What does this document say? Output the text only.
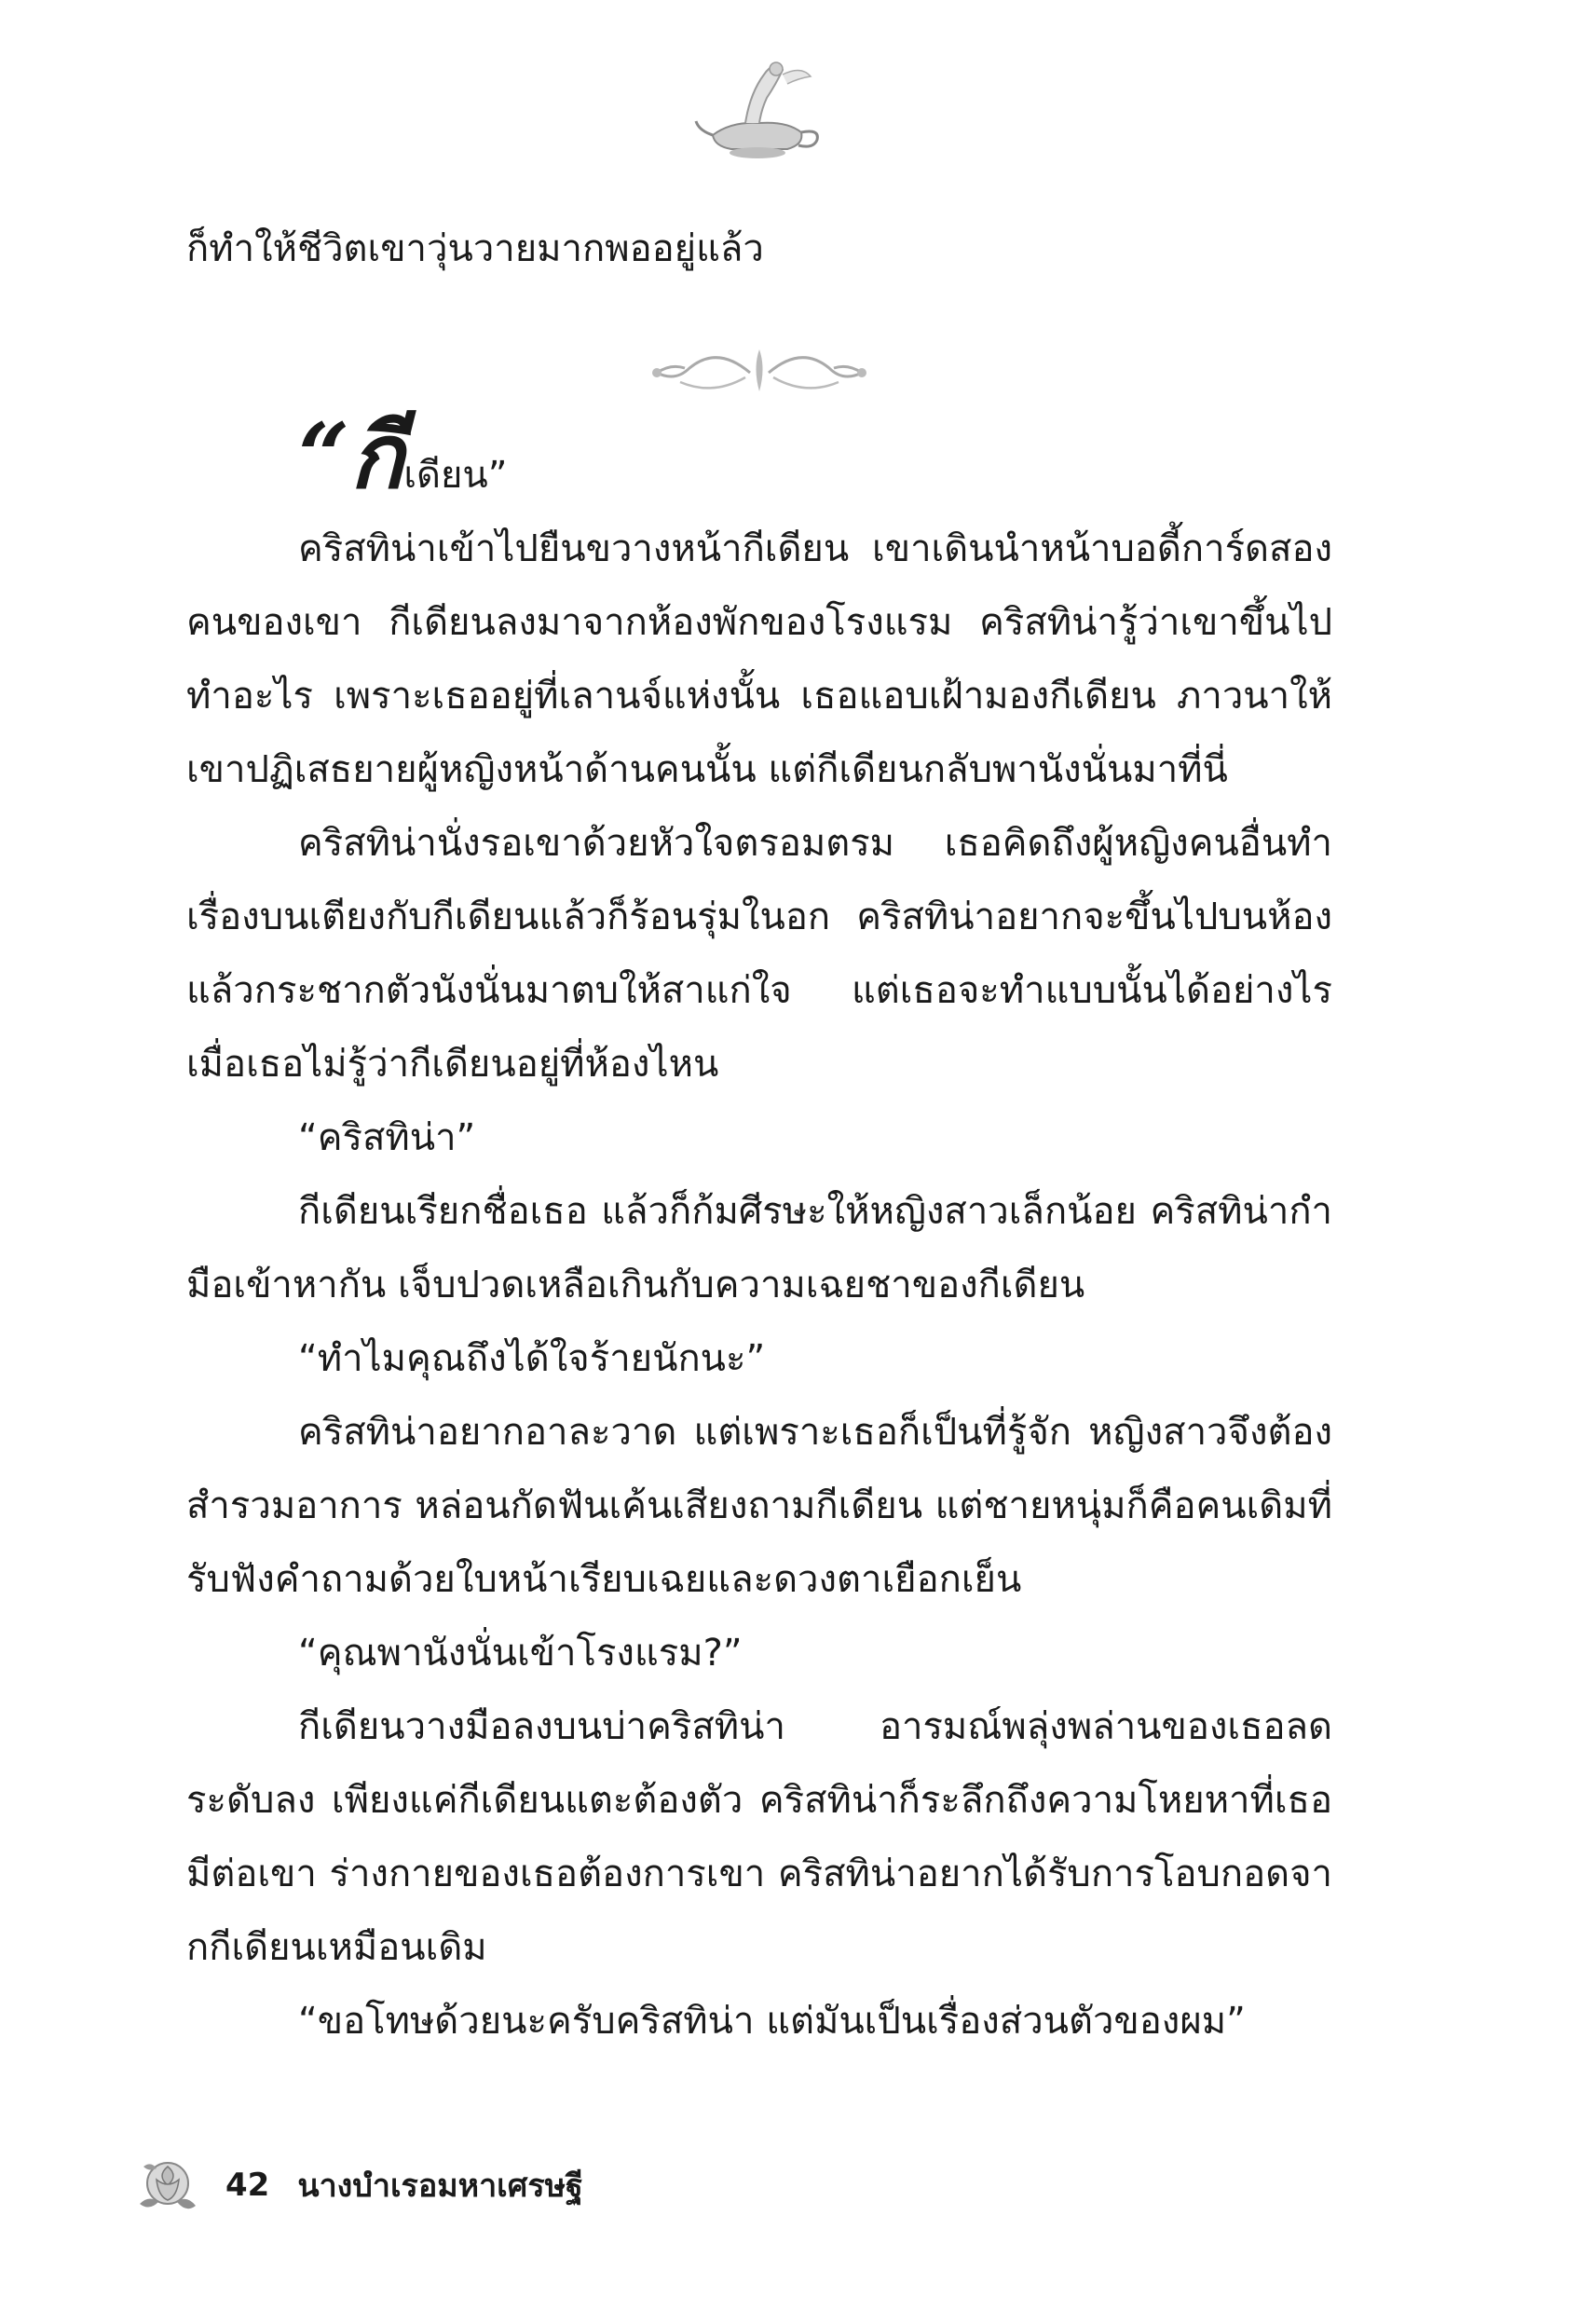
ก็ทำให้ชีวิตเขาวุ่นวายมากพออยู่แล้ว
“กีเดียน”

คริสทิน่าเข้าไปยืนขวางหน้ากีเดียน เขาเดินนำหน้าบอดี้การ์ดสองคนของเขา กีเดียนลงมาจากห้องพักของโรงแรม คริสทิน่ารู้ว่าเขาขึ้นไปทำอะไร เพราะเธออยู่ที่เลานจ์แห่งนั้น เธอแอบเฝ้ามองกีเดียน ภาวนาให้เขาปฏิเสธยายผู้หญิงหน้าด้านคนนั้น แต่กีเดียนกลับพานังนั่นมาที่นี่

คริสทิน่านั่งรอเขาด้วยหัวใจตรอมตรม เธอคิดถึงผู้หญิงคนอื่นทำเรื่องบนเตียงกับกีเดียนแล้วก็ร้อนรุ่มในอก คริสทิน่าอยากจะขึ้นไปบนห้อง แล้วกระชากตัวนังนั่นมาตบให้สาแก่ใจ แต่เธอจะทำแบบนั้นได้อย่างไร เมื่อเธอไม่รู้ว่ากีเดียนอยู่ที่ห้องไหน

“คริสทิน่า”

กีเดียนเรียกชื่อเธอ แล้วก็ก้มศีรษะให้หญิงสาวเล็กน้อย คริสทิน่ากำมือเข้าหากัน เจ็บปวดเหลือเกินกับความเฉยชาของกีเดียน

“ทำไมคุณถึงได้ใจร้ายนักนะ”

คริสทิน่าอยากอาละวาด แต่เพราะเธอก็เป็นที่รู้จัก หญิงสาวจึงต้องสำรวมอาการ หล่อนกัดฟันเค้นเสียงถามกีเดียน แต่ชายหนุ่มก็คือคนเดิมที่รับฟังคำถามด้วยใบหน้าเรียบเฉยและดวงตาเยือกเย็น

“คุณพานังนั่นเข้าโรงแรม?”

กีเดียนวางมือลงบนบ่าคริสทิน่า อารมณ์พลุ่งพล่านของเธอลดระดับลง เพียงแค่กีเดียนแตะต้องตัว คริสทิน่าก็ระลึกถึงความโหยหาที่เธอมีต่อเขา ร่างกายของเธอต้องการเขา คริสทิน่าอยากได้รับการโอบกอดจากกีเดียนเหมือนเดิม

“ขอโทษด้วยนะครับคริสทิน่า แต่มันเป็นเรื่องส่วนตัวของผม”

42 นางบำเรอมหาเศรษฐี
